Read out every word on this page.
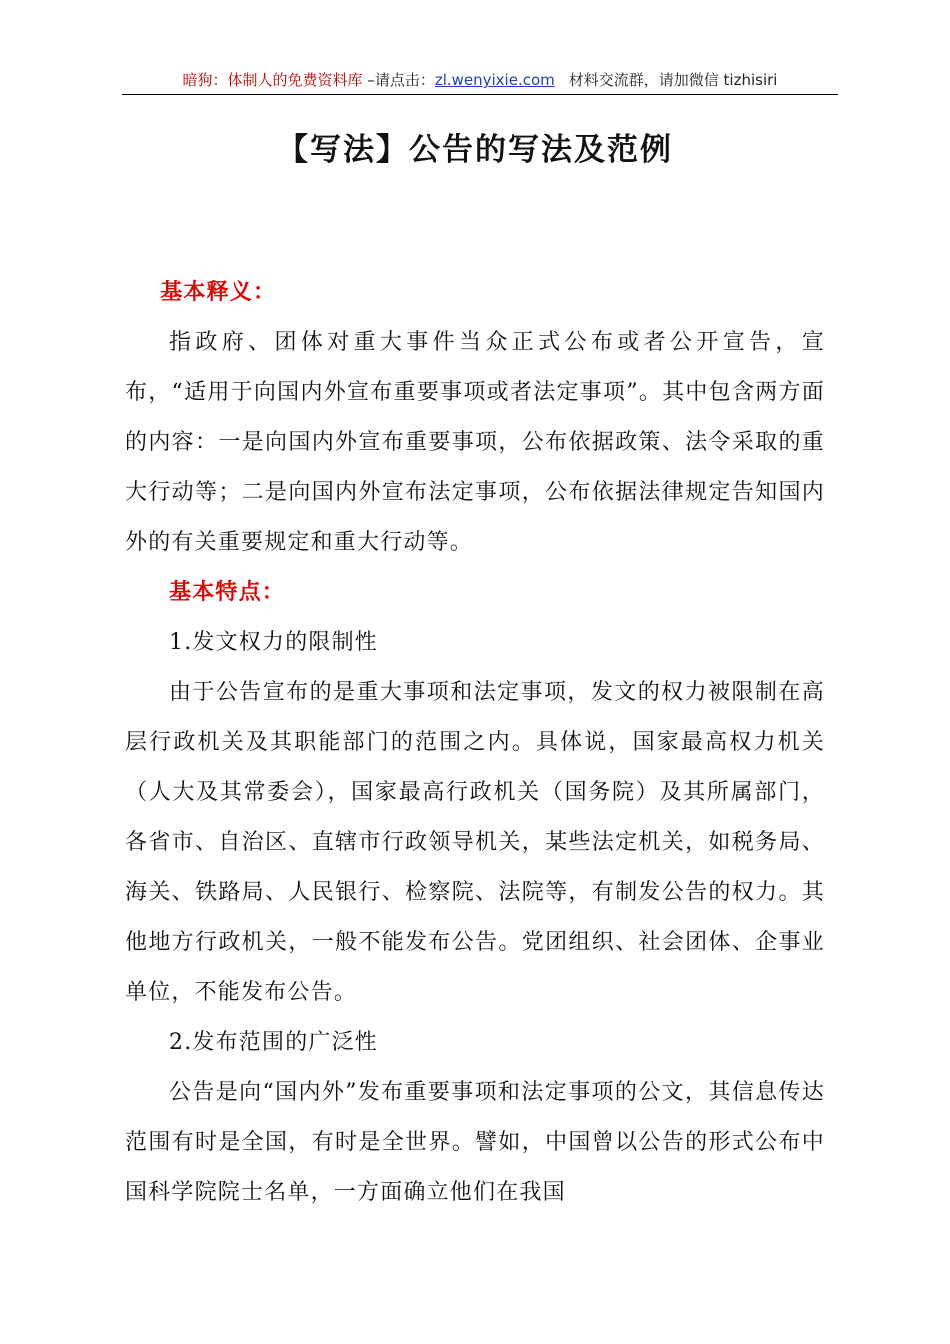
暗狗：体制人的免费资料库 –请点击：zl.wenyixie.com 材料交流群，请加微信 tizhisiri
【写法】公告的写法及范例

基本释义：

指政府、团体对重大事件当众正式公布或者公开宣告，宣布，“适用于向国内外宣布重要事项或者法定事项”。其中包含两方面的内容：一是向国内外宣布重要事项，公布依据政策、法令采取的重大行动等；二是向国内外宣布法定事项，公布依据法律规定告知国内外的有关重要规定和重大行动等。

基本特点：

1.发文权力的限制性

由于公告宣布的是重大事项和法定事项，发文的权力被限制在高层行政机关及其职能部门的范围之内。具体说，国家最高权力机关（人大及其常委会），国家最高行政机关（国务院）及其所属部门，各省市、自治区、直辖市行政领导机关，某些法定机关，如税务局、海关、铁路局、人民银行、检察院、法院等，有制发公告的权力。其他地方行政机关，一般不能发布公告。党团组织、社会团体、企事业单位，不能发布公告。

2.发布范围的广泛性

公告是向“国内外”发布重要事项和法定事项的公文，其信息传达范围有时是全国，有时是全世界。譬如，中国曾以公告的形式公布中国科学院院士名单，一方面确立他们在我国
